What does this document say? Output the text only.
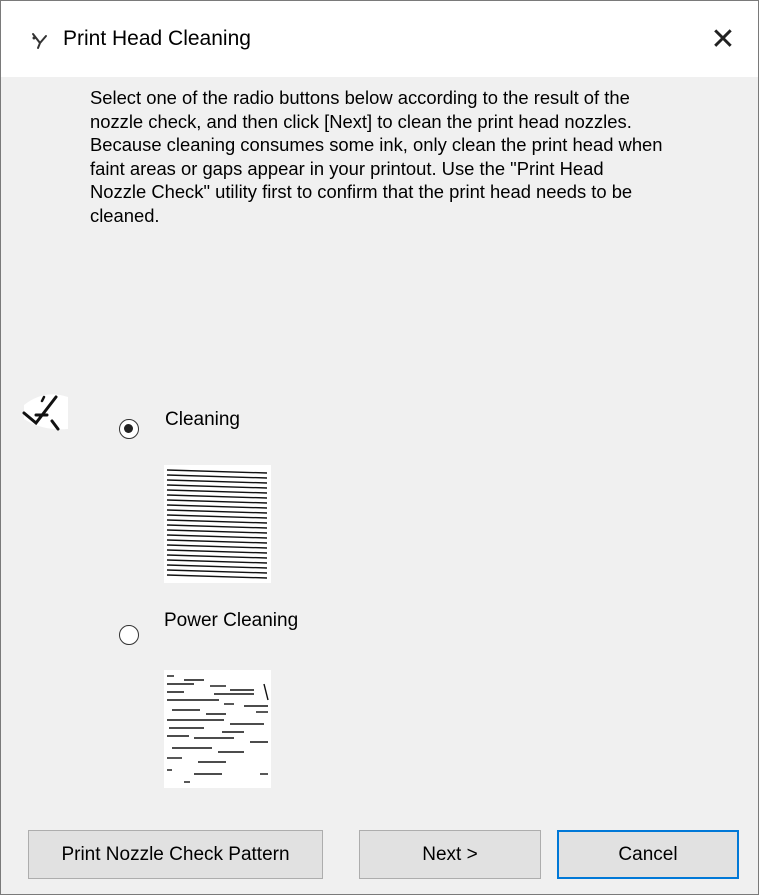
Print Head Cleaning	✕
Select one of the radio buttons below according to the result of the
nozzle check, and then click [Next] to clean the print head nozzles.
Because cleaning consumes some ink, only clean the print head when
faint areas or gaps appear in your printout. Use the "Print Head
Nozzle Check" utility first to confirm that the print head needs to be
cleaned.
Cleaning
Power Cleaning
Print Nozzle Check Pattern	Next >	Cancel
